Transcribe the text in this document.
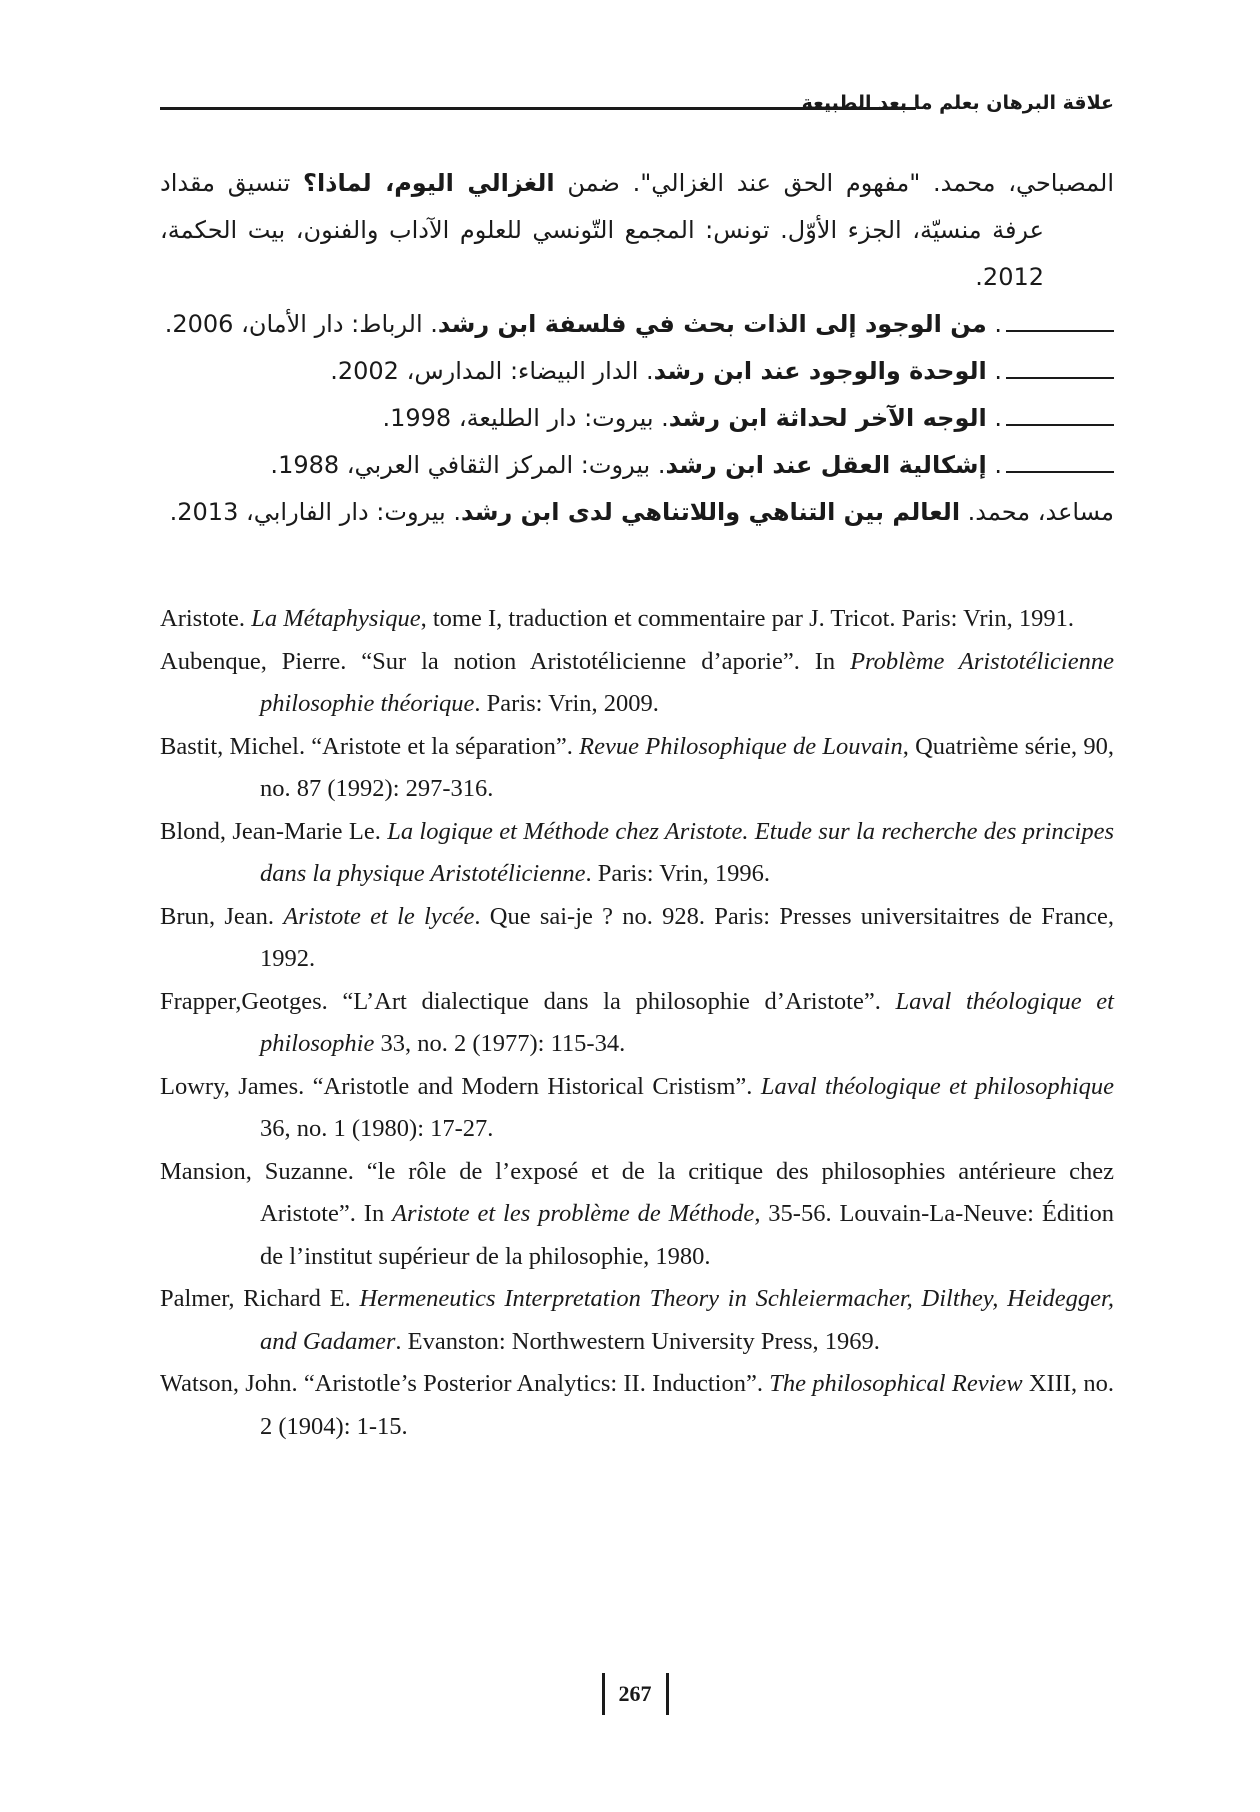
علاقة البرهان بعلم ما بعد الطبيعة
المصباحي، محمد. "مفهوم الحق عند الغزالي". ضمن الغزالي اليوم، لماذا؟ تنسيق مقداد عرفة منسيّة، الجزء الأوّل. تونس: المجمع التّونسي للعلوم الآداب والفنون، بيت الحكمة، 2012.
. من الوجود إلى الذات بحث في فلسفة ابن رشد. الرباط: دار الأمان، 2006.
. الوحدة والوجود عند ابن رشد. الدار البيضاء: المدارس، 2002.
. الوجه الآخر لحداثة ابن رشد. بيروت: دار الطليعة، 1998.
. إشكالية العقل عند ابن رشد. بيروت: المركز الثقافي العربي، 1988.
مساعد، محمد. العالم بين التناهي واللاتناهي لدى ابن رشد. بيروت: دار الفارابي، 2013.
Aristote. La Métaphysique, tome I, traduction et commentaire par J. Tricot. Paris: Vrin, 1991.
Aubenque, Pierre. “Sur la notion Aristotélicienne d’aporie”. In Problème Aristotélicienne philosophie théorique. Paris: Vrin, 2009.
Bastit, Michel. “Aristote et la séparation”. Revue Philosophique de Louvain, Quatrième série, 90, no. 87 (1992): 297-316.
Blond, Jean-Marie Le. La logique et Méthode chez Aristote. Etude sur la recherche des principes dans la physique Aristotélicienne. Paris: Vrin, 1996.
Brun, Jean. Aristote et le lycée. Que sai-je ? no. 928. Paris: Presses universitaitres de France, 1992.
Frapper,Geotges. “L’Art dialectique dans la philosophie d’Aristote”. Laval théologique et philosophie 33, no. 2 (1977): 115-34.
Lowry, James. “Aristotle and Modern Historical Cristism”. Laval théologique et philosophique 36, no. 1 (1980): 17-27.
Mansion, Suzanne. “le rôle de l’exposé et de la critique des philosophies antérieure chez Aristote”. In Aristote et les problème de Méthode, 35-56. Louvain-La-Neuve: Édition de l’institut supérieur de la philosophie, 1980.
Palmer, Richard E. Hermeneutics Interpretation Theory in Schleiermacher, Dilthey, Heidegger, and Gadamer. Evanston: Northwestern University Press, 1969.
Watson, John. “Aristotle’s Posterior Analytics: II. Induction”. The philosophical Review XIII, no. 2 (1904): 1-15.
267
